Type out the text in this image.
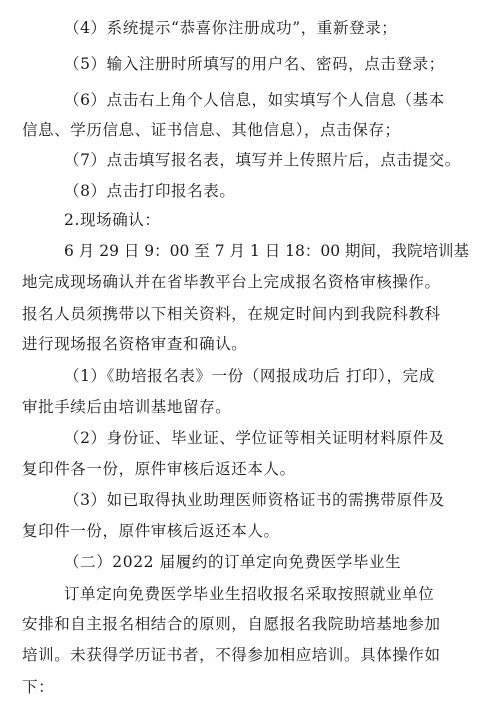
（4）系统提示“恭喜你注册成功”，重新登录；
（5）输入注册时所填写的用户名、密码，点击登录；
（6）点击右上角个人信息，如实填写个人信息（基本
信息、学历信息、证书信息、其他信息），点击保存；
（7）点击填写报名表，填写并上传照片后，点击提交。
（8）点击打印报名表。
2.现场确认：
6 月 29 日 9：00 至 7 月 1 日 18：00 期间，我院培训基
地完成现场确认并在省毕教平台上完成报名资格审核操作。
报名人员须携带以下相关资料，在规定时间内到我院科教科
进行现场报名资格审查和确认。
（1）《助培报名表》一份（网报成功后 打印），完成
审批手续后由培训基地留存。
（2）身份证、毕业证、学位证等相关证明材料原件及
复印件各一份，原件审核后返还本人。
（3）如已取得执业助理医师资格证书的需携带原件及
复印件一份，原件审核后返还本人。
（二）2022 届履约的订单定向免费医学毕业生
订单定向免费医学毕业生招收报名采取按照就业单位
安排和自主报名相结合的原则，自愿报名我院助培基地参加
培训。未获得学历证书者，不得参加相应培训。具体操作如
下：
